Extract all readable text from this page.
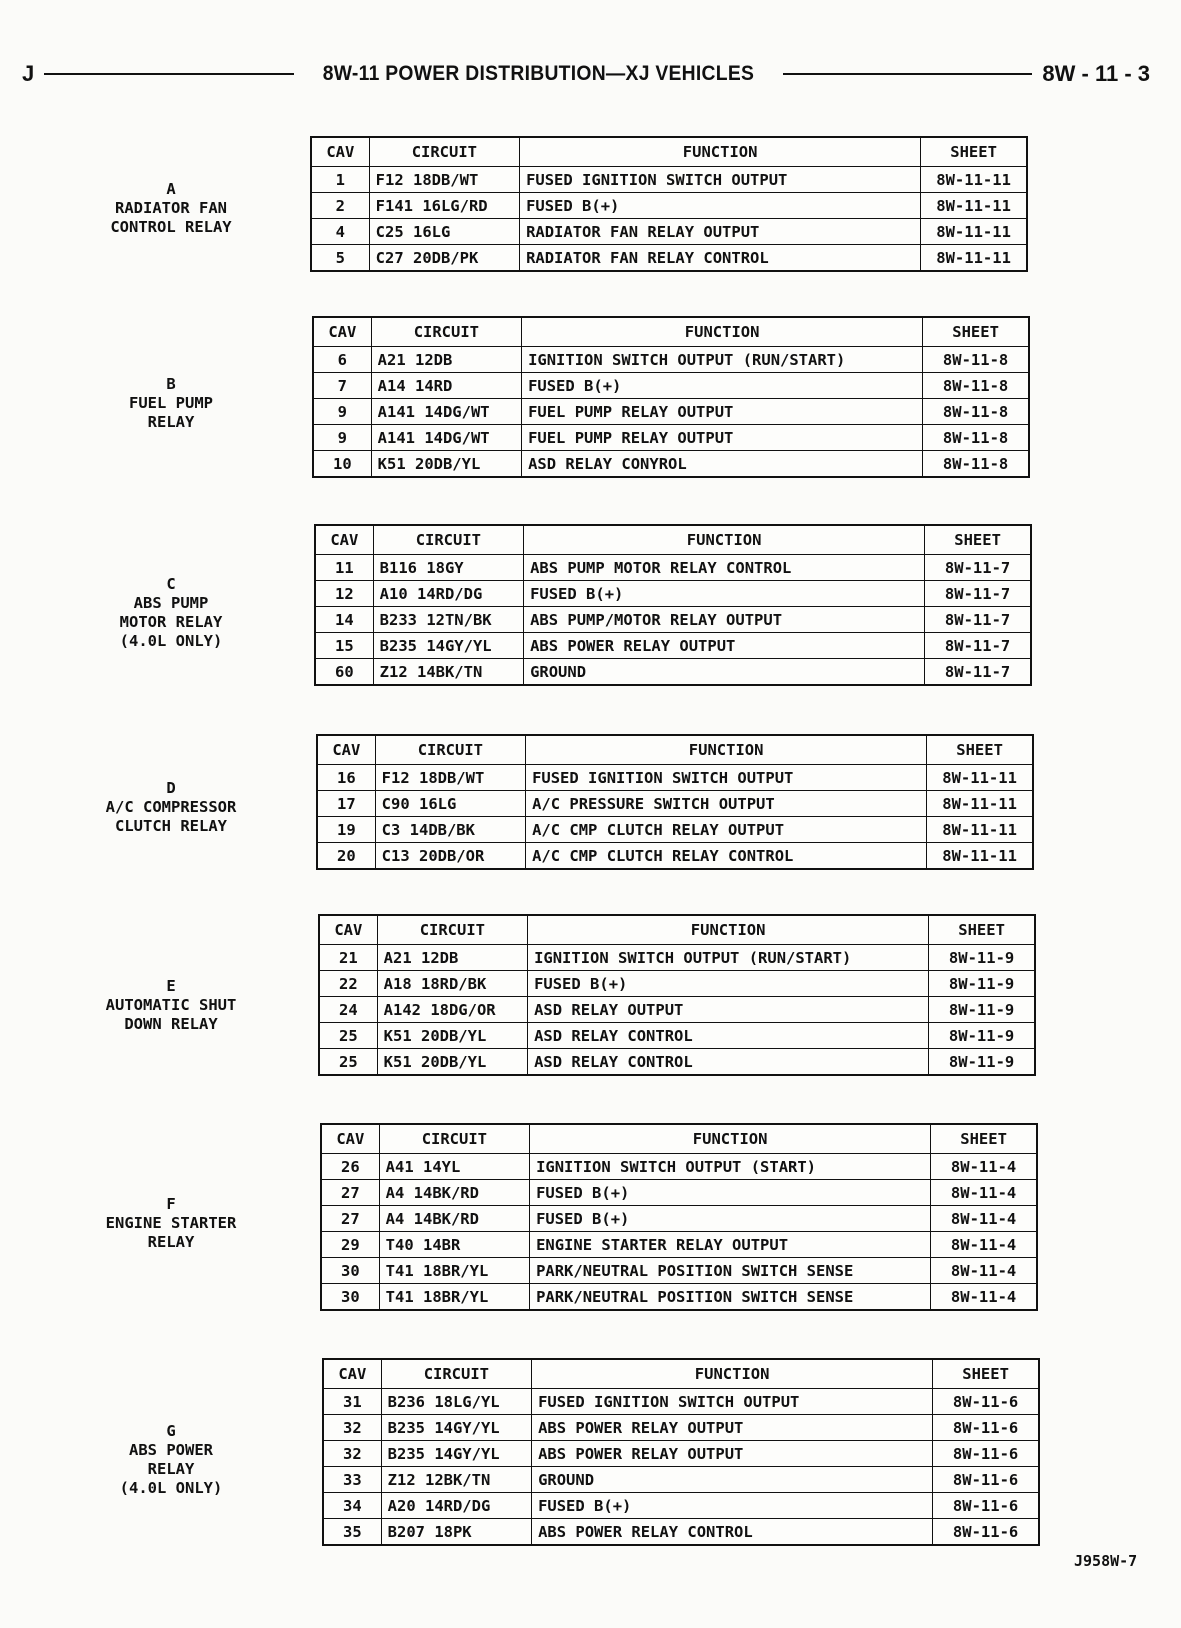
J	8W-11 POWER DISTRIBUTION—XJ VEHICLES	8W - 11 - 3
A
RADIATOR FAN
CONTROL RELAY
CAV	CIRCUIT	FUNCTION	SHEET
1	F12 18DB/WT	FUSED IGNITION SWITCH OUTPUT	8W-11-11
2	F141 16LG/RD	FUSED B(+)	8W-11-11
4	C25 16LG	RADIATOR FAN RELAY OUTPUT	8W-11-11
5	C27 20DB/PK	RADIATOR FAN RELAY CONTROL	8W-11-11
B
FUEL PUMP
RELAY
CAV	CIRCUIT	FUNCTION	SHEET
6	A21 12DB	IGNITION SWITCH OUTPUT (RUN/START)	8W-11-8
7	A14 14RD	FUSED B(+)	8W-11-8
9	A141 14DG/WT	FUEL PUMP RELAY OUTPUT	8W-11-8
9	A141 14DG/WT	FUEL PUMP RELAY OUTPUT	8W-11-8
10	K51 20DB/YL	ASD RELAY CONYROL	8W-11-8
C
ABS PUMP
MOTOR RELAY
(4.0L ONLY)
CAV	CIRCUIT	FUNCTION	SHEET
11	B116 18GY	ABS PUMP MOTOR RELAY CONTROL	8W-11-7
12	A10 14RD/DG	FUSED B(+)	8W-11-7
14	B233 12TN/BK	ABS PUMP/MOTOR RELAY OUTPUT	8W-11-7
15	B235 14GY/YL	ABS POWER RELAY OUTPUT	8W-11-7
60	Z12 14BK/TN	GROUND	8W-11-7
D
A/C COMPRESSOR
CLUTCH RELAY
CAV	CIRCUIT	FUNCTION	SHEET
16	F12 18DB/WT	FUSED IGNITION SWITCH OUTPUT	8W-11-11
17	C90 16LG	A/C PRESSURE SWITCH OUTPUT	8W-11-11
19	C3 14DB/BK	A/C CMP CLUTCH RELAY OUTPUT	8W-11-11
20	C13 20DB/OR	A/C CMP CLUTCH RELAY CONTROL	8W-11-11
E
AUTOMATIC SHUT
DOWN RELAY
CAV	CIRCUIT	FUNCTION	SHEET
21	A21 12DB	IGNITION SWITCH OUTPUT (RUN/START)	8W-11-9
22	A18 18RD/BK	FUSED B(+)	8W-11-9
24	A142 18DG/OR	ASD RELAY OUTPUT	8W-11-9
25	K51 20DB/YL	ASD RELAY CONTROL	8W-11-9
25	K51 20DB/YL	ASD RELAY CONTROL	8W-11-9
F
ENGINE STARTER
RELAY
CAV	CIRCUIT	FUNCTION	SHEET
26	A41 14YL	IGNITION SWITCH OUTPUT (START)	8W-11-4
27	A4 14BK/RD	FUSED B(+)	8W-11-4
27	A4 14BK/RD	FUSED B(+)	8W-11-4
29	T40 14BR	ENGINE STARTER RELAY OUTPUT	8W-11-4
30	T41 18BR/YL	PARK/NEUTRAL POSITION SWITCH SENSE	8W-11-4
30	T41 18BR/YL	PARK/NEUTRAL POSITION SWITCH SENSE	8W-11-4
G
ABS POWER
RELAY
(4.0L ONLY)
CAV	CIRCUIT	FUNCTION	SHEET
31	B236 18LG/YL	FUSED IGNITION SWITCH OUTPUT	8W-11-6
32	B235 14GY/YL	ABS POWER RELAY OUTPUT	8W-11-6
32	B235 14GY/YL	ABS POWER RELAY OUTPUT	8W-11-6
33	Z12 12BK/TN	GROUND	8W-11-6
34	A20 14RD/DG	FUSED B(+)	8W-11-6
35	B207 18PK	ABS POWER RELAY CONTROL	8W-11-6
J958W-7
